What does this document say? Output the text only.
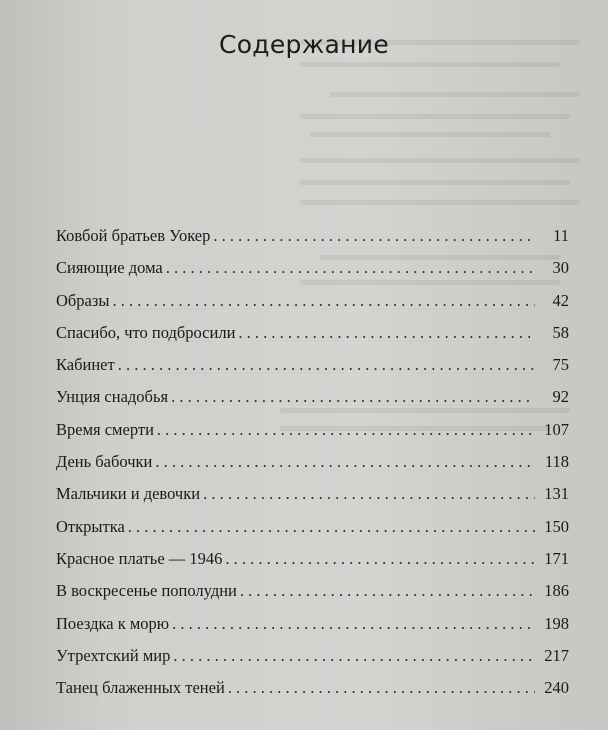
Содержание
Ковбой братьев Уокер . . .	11
Сияющие дома . . .	30
Образы . . .	42
Спасибо, что подбросили . . .	58
Кабинет . . .	75
Унция снадобья . . .	92
Время смерти . . .	107
День бабочки . . .	118
Мальчики и девочки . . .	131
Открытка . . .	150
Красное платье — 1946 . . .	171
В воскресенье пополудни . . .	186
Поездка к морю . . .	198
Утрехтский мир . . .	217
Танец блаженных теней . . .	240
